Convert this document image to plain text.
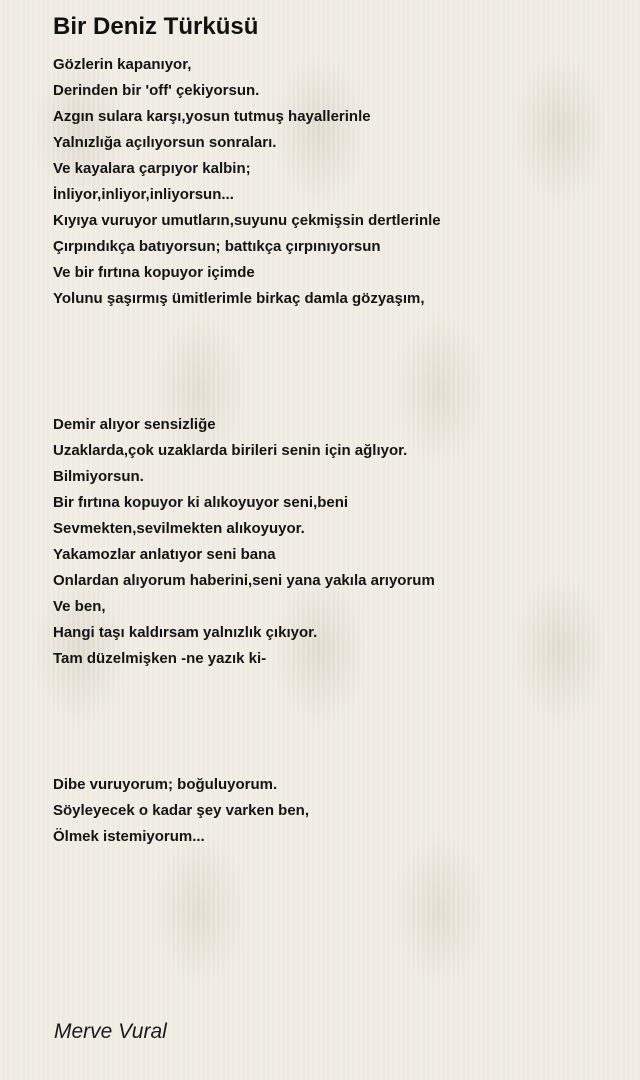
Bir Deniz Türküsü
Gözlerin kapanıyor,
Derinden bir 'off' çekiyorsun.
Azgın sulara karşı,yosun tutmuş hayallerinle
Yalnızlığa açılıyorsun sonraları.
Ve kayalara çarpıyor kalbin;
İnliyor,inliyor,inliyorsun...
Kıyıya vuruyor umutların,suyunu çekmişsin dertlerinle
Çırpındıkça batıyorsun; battıkça çırpınıyorsun
Ve bir fırtına kopuyor içimde
Yolunu şaşırmış ümitlerimle birkaç damla gözyaşım,
Demir alıyor sensizliğe
Uzaklarda,çok uzaklarda birileri senin için ağlıyor.
Bilmiyorsun.
Bir fırtına kopuyor ki alıkoyuyor seni,beni
Sevmekten,sevilmekten alıkoyuyor.
Yakamozlar anlatıyor seni bana
Onlardan alıyorum haberini,seni yana yakıla arıyorum
Ve ben,
Hangi taşı kaldırsam yalnızlık çıkıyor.
Tam düzelmişken -ne yazık ki-
Dibe vuruyorum; boğuluyorum.
Söyleyecek o kadar şey varken ben,
Ölmek istemiyorum...

Merve Vural
